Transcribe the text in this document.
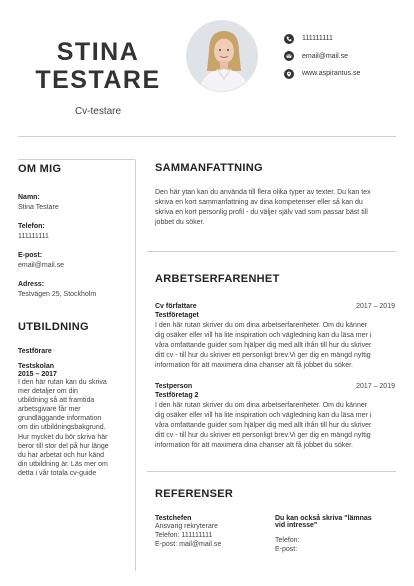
STINA
TESTARE
Cv-testare
111111111
email@mail.se
www.aspirantus.se
OM MIG
Namn:
Stina Testare
Telefon:
111111111
E-post:
email@mail.se
Adress:
Testvägen 25, Stockholm
UTBILDNING
Testförare
Testskolan
2015 – 2017
I den här rutan kan du skriva
mer detaljer om din
utbildning så att framtida
arbetsgivare får mer
grundläggande information
om din utbildningsbakgrund.
Hur mycket du bör skriva här
beror till stor del på hur länge
du har arbetat och hur känd
din utbildning är. Läs mer om
detta i vår totala cv-guide
SAMMANFATTNING
Den här ytan kan du använda till flera olika typer av texter. Du kan tex
skriva en kort sammanfattning av dina kompetenser eller så kan du
skriva en kort personlig profil - du väljer själv vad som passar bäst till
jobbet du söker.
ARBETSERFARENHET
Cv författare	2017 – 2019
Testföretaget
I den här rutan skriver du om dina arbetserfarenheter. Om du känner
dig osäker eller vill ha lite inspiration och vägledning kan du läsa mer i
våra omfattande guider som hjälper dig med allt ifrån till hur du skriver
ditt cv - till hur du skriver ett personligt brev.Vi ger dig en mängd nyttig
information för att maximera dina chanser att få jobbet du söker.
Testperson	2017 – 2019
Testföretag 2
I den här rutan skriver du om dina arbetserfarenheter. Om du känner
dig osäker eller vill ha lite inspiration och vägledning kan du läsa mer i
våra omfattande guider som hjälper dig med allt ifrån till hur du skriver
ditt cv - till hur du skriver ett personligt brev.Vi ger dig en mängd nyttig
information för att maximera dina chanser att få jobbet du söker.
REFERENSER
Testchefen
Ansvarig rekryterare
Telefon: 111111111
E-post: mail@mail.se
Du kan också skriva "lämnas
vid intresse"
Telefon:
E-post:
